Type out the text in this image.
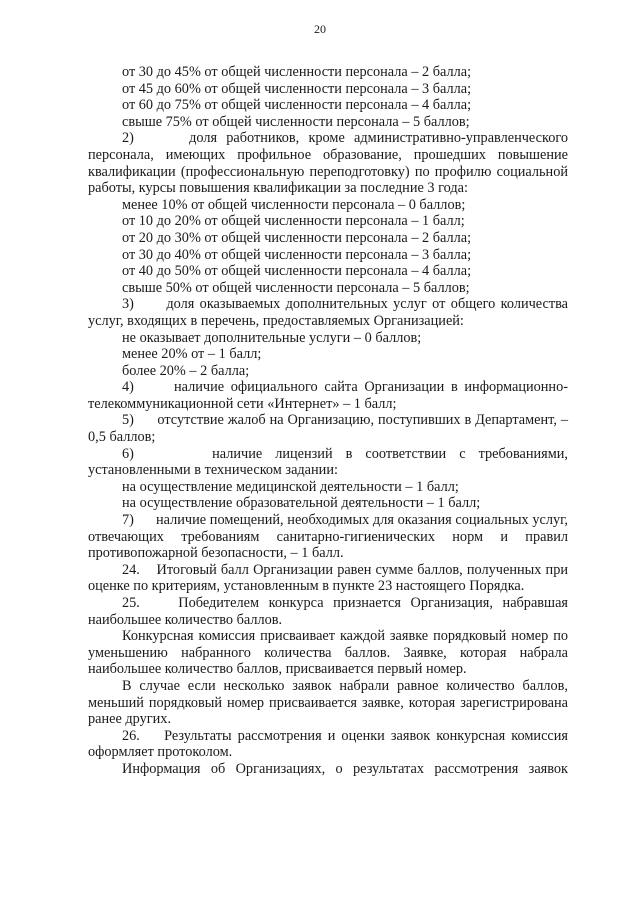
20

от 30 до 45% от общей численности персонала – 2 балла;

от 45 до 60% от общей численности персонала – 3 балла;

от 60 до 75% от общей численности персонала – 4 балла;

свыше 75% от общей численности персонала – 5 баллов;

2)      доля работников, кроме административно-управленческого персонала, имеющих профильное образование, прошедших повышение квалификации (профессиональную переподготовку) по профилю социальной работы, курсы повышения квалификации за последние 3 года:

менее 10% от общей численности персонала – 0 баллов;

от 10 до 20% от общей численности персонала – 1 балл;

от 20 до 30% от общей численности персонала – 2 балла;

от 30 до 40% от общей численности персонала – 3 балла;

от 40 до 50% от общей численности персонала – 4 балла;

свыше 50% от общей численности персонала – 5 баллов;

3)      доля оказываемых дополнительных услуг от общего количества услуг, входящих в перечень, предоставляемых Организацией:

не оказывает дополнительные услуги – 0 баллов;

менее 20% от – 1 балл;

более 20% – 2 балла;

4)      наличие официального сайта Организации в информационно-телекоммуникационной сети «Интернет» – 1 балл;

5)      отсутствие жалоб на Организацию, поступивших в Департамент, – 0,5 баллов;

6)      наличие лицензий в соответствии с требованиями, установленными в техническом задании:

на осуществление медицинской деятельности – 1 балл;

на осуществление образовательной деятельности – 1 балл;

7)      наличие помещений, необходимых для оказания социальных услуг, отвечающих требованиям санитарно-гигиенических норм и правил противопожарной безопасности, – 1 балл.

24.    Итоговый балл Организации равен сумме баллов, полученных при оценке по критериям, установленным в пункте 23 настоящего Порядка.

25.    Победителем конкурса признается Организация, набравшая наибольшее количество баллов.

Конкурсная комиссия присваивает каждой заявке порядковый номер по уменьшению набранного количества баллов. Заявке, которая набрала наибольшее количество баллов, присваивается первый номер.

В случае если несколько заявок набрали равное количество баллов, меньший порядковый номер присваивается заявке, которая зарегистрирована ранее других.

26.    Результаты рассмотрения и оценки заявок конкурсная комиссия оформляет протоколом.

Информация об Организациях, о результатах рассмотрения заявок
